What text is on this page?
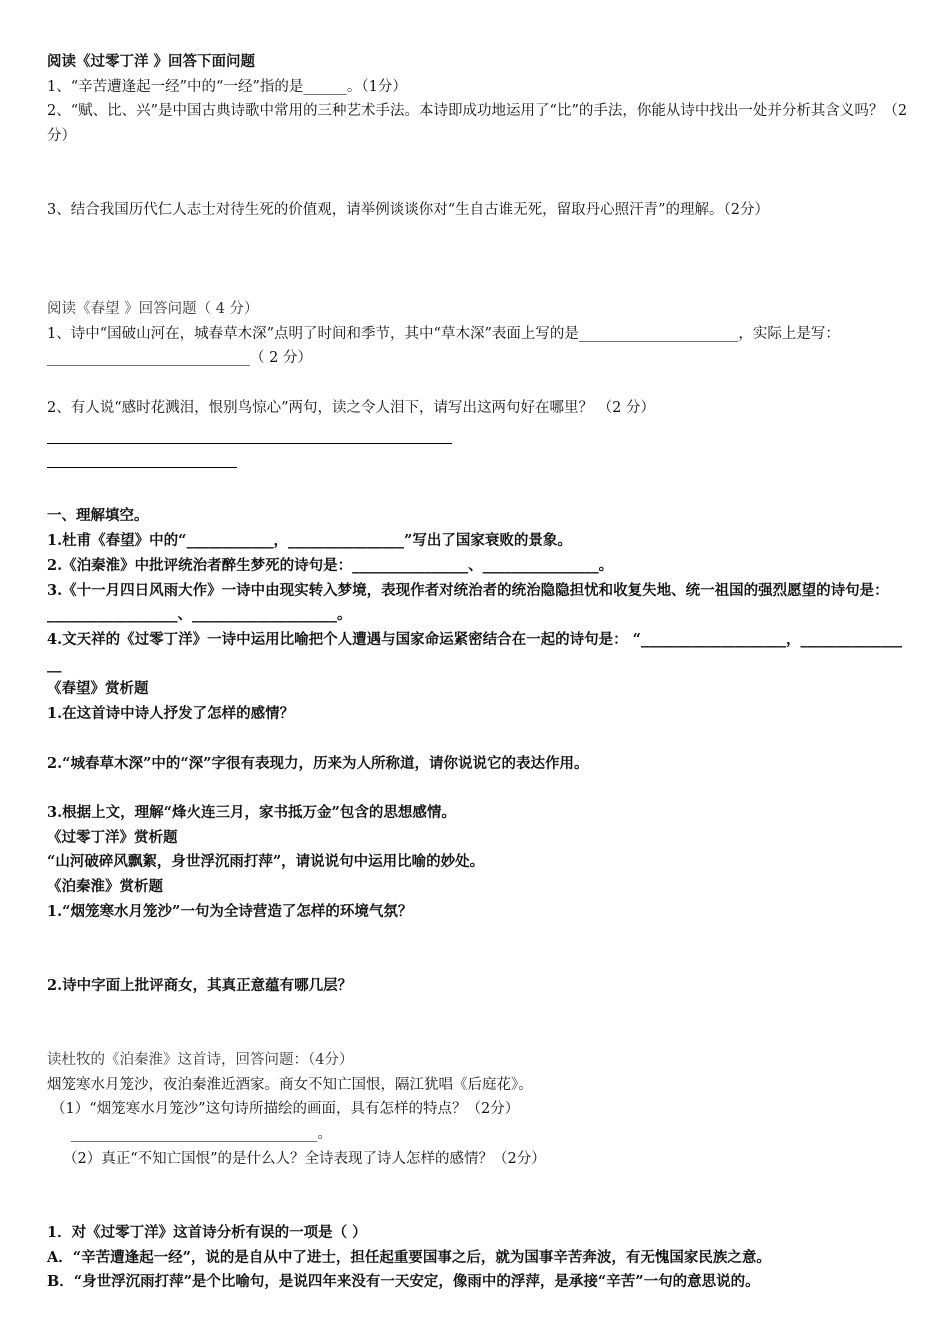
阅读《过零丁洋 》回答下面问题
1、“辛苦遭逢起一经”中的“一经”指的是______。（1分）
2、“赋、比、兴”是中国古典诗歌中常用的三种艺术手法。本诗即成功地运用了“比”的手法，你能从诗中找出一处并分析其含义吗？（2分）
3、结合我国历代仁人志士对待生死的价值观，请举例谈谈你对“生自古谁无死，留取丹心照汗青”的理解。（2分）
阅读《春望 》回答问题（ 4 分）
1、诗中“国破山河在，城春草木深”点明了时间和季节，其中“草木深”表面上写的是______________________，实际上是写：____________________________（ 2 分）
2、有人说“感时花溅泪，恨别鸟惊心”两句，读之令人泪下，请写出这两句好在哪里？ （2 分）
一、理解填空。
1.杜甫《春望》中的“____________，________________”写出了国家衰败的景象。
2.《泊秦淮》中批评统治者醉生梦死的诗句是：________________、________________。
3.《十一月四日风雨大作》一诗中由现实转入梦境，表现作者对统治者的统治隐隐担忧和收复失地、统一祖国的强烈愿望的诗句是：__________________、____________________。
4.文天祥的《过零丁洋》一诗中运用比喻把个人遭遇与国家命运紧密结合在一起的诗句是： “____________________，________________
《春望》赏析题
1.在这首诗中诗人抒发了怎样的感情？
2.“城春草木深”中的“深”字很有表现力，历来为人所称道，请你说说它的表达作用。
3.根据上文，理解“烽火连三月，家书抵万金”包含的思想感情。
《过零丁洋》赏析题
“山河破碎风飘絮，身世浮沉雨打萍”，请说说句中运用比喻的妙处。
《泊秦淮》赏析题
1.“烟笼寒水月笼沙”一句为全诗营造了怎样的环境气氛？
2.诗中字面上批评商女，其真正意蕴有哪几层？
读杜牧的《泊秦淮》这首诗，回答问题：（4分）
烟笼寒水月笼沙，夜泊秦淮近酒家。商女不知亡国恨，隔江犹唱《后庭花》。
（1）“烟笼寒水月笼沙”这句诗所描绘的画面，具有怎样的特点？（2分）
__________________________________。
（2）真正“不知亡国恨”的是什么人？全诗表现了诗人怎样的感情？（2分）
1．对《过零丁洋》这首诗分析有误的一项是（ ）
A．“辛苦遭逢起一经”，说的是自从中了进士，担任起重要国事之后，就为国事辛苦奔波，有无愧国家民族之意。
B．“身世浮沉雨打萍”是个比喻句，是说四年来没有一天安定，像雨中的浮萍，是承接“辛苦”一句的意思说的。
